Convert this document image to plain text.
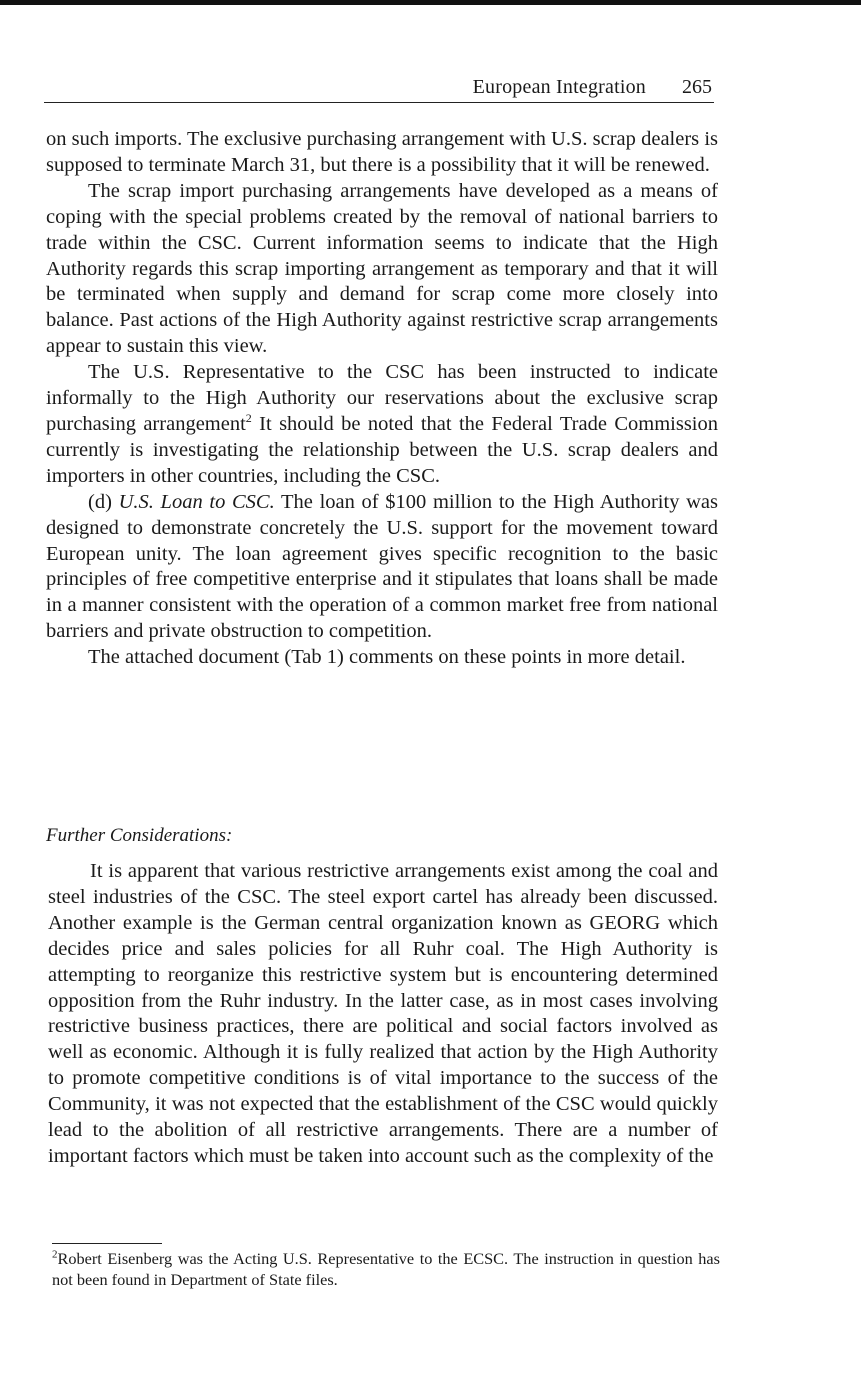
European Integration 265

on such imports. The exclusive purchasing arrangement with U.S. scrap dealers is supposed to terminate March 31, but there is a possibility that it will be renewed.

The scrap import purchasing arrangements have developed as a means of coping with the special problems created by the removal of national barriers to trade within the CSC. Current information seems to indicate that the High Authority regards this scrap importing arrangement as temporary and that it will be terminated when supply and demand for scrap come more closely into balance. Past actions of the High Authority against restrictive scrap arrangements appear to sustain this view.

The U.S. Representative to the CSC has been instructed to indicate informally to the High Authority our reservations about the exclusive scrap purchasing arrangement$^2$ It should be noted that the Federal Trade Commission currently is investigating the relationship between the U.S. scrap dealers and importers in other countries, including the CSC.

(d) U.S. Loan to CSC. The loan of $100 million to the High Authority was designed to demonstrate concretely the U.S. support for the movement toward European unity. The loan agreement gives specific recognition to the basic principles of free competitive enterprise and it stipulates that loans shall be made in a manner consistent with the operation of a common market free from national barriers and private obstruction to competition.

The attached document (Tab 1) comments on these points in more detail.

Further Considerations:

It is apparent that various restrictive arrangements exist among the coal and steel industries of the CSC. The steel export cartel has already been discussed. Another example is the German central organization known as GEORG which decides price and sales policies for all Ruhr coal. The High Authority is attempting to reorganize this restrictive system but is encountering determined opposition from the Ruhr industry. In the latter case, as in most cases involving restrictive business practices, there are political and social factors involved as well as economic. Although it is fully realized that action by the High Authority to promote competitive conditions is of vital importance to the success of the Community, it was not expected that the establishment of the CSC would quickly lead to the abolition of all restrictive arrangements. There are a number of important factors which must be taken into account such as the complexity of the

$^2$Robert Eisenberg was the Acting U.S. Representative to the ECSC. The instruction in question has not been found in Department of State files.
